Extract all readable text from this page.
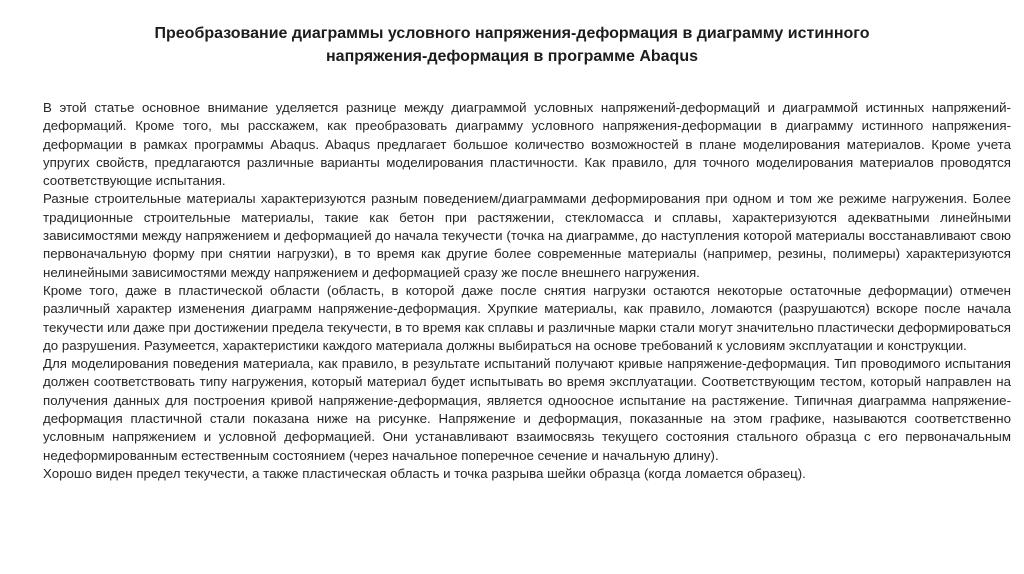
Преобразование диаграммы условного напряжения-деформация в диаграмму истинного
напряжения-деформация в программе Abaqus

В этой статье основное внимание уделяется разнице между диаграммой условных напряжений-деформаций и диаграммой истинных напряжений-деформаций. Кроме того, мы расскажем, как преобразовать диаграмму условного напряжения-деформации в диаграмму истинного напряжения-деформации в рамках программы Abaqus. Abaqus предлагает большое количество возможностей в плане моделирования материалов. Кроме учета упругих свойств, предлагаются различные варианты моделирования пластичности. Как правило, для точного моделирования материалов проводятся соответствующие испытания.

Разные строительные материалы характеризуются разным поведением/диаграммами деформирования при одном и том же режиме нагружения. Более традиционные строительные материалы, такие как бетон при растяжении, стекломасса и сплавы, характеризуются адекватными линейными зависимостями между напряжением и деформацией до начала текучести (точка на диаграмме, до наступления которой материалы восстанавливают свою первоначальную форму при снятии нагрузки), в то время как другие более современные материалы (например, резины, полимеры) характеризуются нелинейными зависимостями между напряжением и деформацией сразу же после внешнего нагружения.

Кроме того, даже в пластической области (область, в которой даже после снятия нагрузки остаются некоторые остаточные деформации) отмечен различный характер изменения диаграмм напряжение-деформация. Хрупкие материалы, как правило, ломаются (разрушаются) вскоре после начала текучести или даже при достижении предела текучести, в то время как сплавы и различные марки стали могут значительно пластически деформироваться до разрушения. Разумеется, характеристики каждого материала должны выбираться на основе требований к условиям эксплуатации и конструкции.

Для моделирования поведения материала, как правило, в результате испытаний получают кривые напряжение-деформация. Тип проводимого испытания должен соответствовать типу нагружения, который материал будет испытывать во время эксплуатации. Соответствующим тестом, который направлен на получения данных для построения кривой напряжение-деформация, является одноосное испытание на растяжение. Типичная диаграмма напряжение-деформация пластичной стали показана ниже на рисунке. Напряжение и деформация, показанные на этом графике, называются соответственно условным напряжением и условной деформацией. Они устанавливают взаимосвязь текущего состояния стального образца с его первоначальным недеформированным естественным состоянием (через начальное поперечное сечение и начальную длину).

Хорошо виден предел текучести, а также пластическая область и точка разрыва шейки образца (когда ломается образец).
